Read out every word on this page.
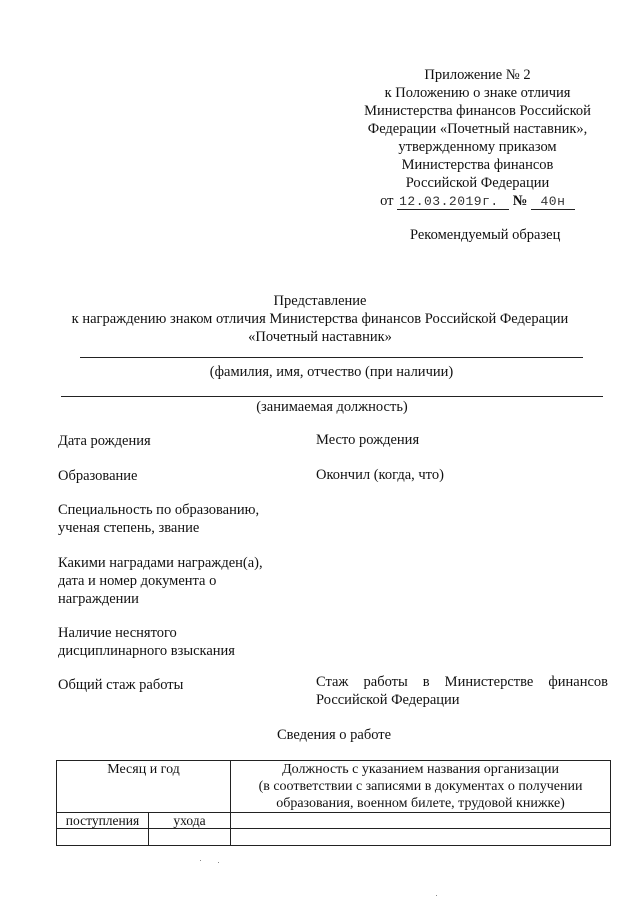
Приложение № 2
к Положению о знаке отличия
Министерства финансов Российской
Федерации «Почетный наставник»,
утвержденному приказом
Министерства финансов
Российской Федерации
от 12.03.2019г. № 40н
Рекомендуемый образец
Представление
к награждению знаком отличия Министерства финансов Российской Федерации
«Почетный наставник»
(фамилия, имя, отчество (при наличии)
(занимаемая должность)
Дата рождения	Место рождения
Образование	Окончил (когда, что)
Специальность по образованию,
ученая степень, звание
Какими наградами награжден(а),
дата и номер документа о
награждении
Наличие неснятого
дисциплинарного взыскания
Общий стаж работы	Стаж работы в Министерстве финансов
Российской Федерации
Сведения о работе
Месяц и год		Должность с указанием названия организации
(в соответствии с записями в документах о получении
образования, военном билете, трудовой книжке)

поступления	ухода	
